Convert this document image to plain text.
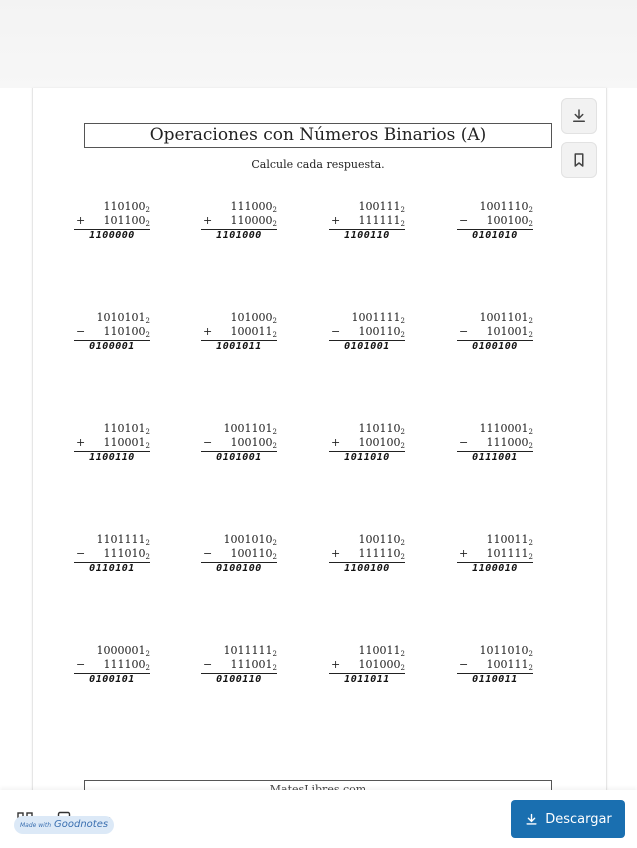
Operaciones con Números Binarios (A)
Calcule cada respuesta.
$110100_2$
+ $101100_2$
1100000
$111000_2$
+ $110000_2$
1101000
$100111_2$
+ $111111_2$
1100110
$1001110_2$
− $100100_2$
0101010
$1010101_2$
− $110100_2$
0100001
$101000_2$
+ $100011_2$
1001011
$1001111_2$
− $100110_2$
0101001
$1001101_2$
− $101001_2$
0100100
$110101_2$
+ $110001_2$
1100110
$1001101_2$
− $100100_2$
0101001
$110110_2$
+ $100100_2$
1011010
$1110001_2$
− $111000_2$
0111001
$1101111_2$
− $111010_2$
0110101
$1001010_2$
− $100110_2$
0100100
$100110_2$
+ $111110_2$
1100100
$110011_2$
+ $101111_2$
1100010
$1000001_2$
− $111100_2$
0100101
$1011111_2$
− $111001_2$
0100110
$110011_2$
+ $101000_2$
1011011
$1011010_2$
− $100111_2$
0110011
Made with Goodnotes	Descargar
